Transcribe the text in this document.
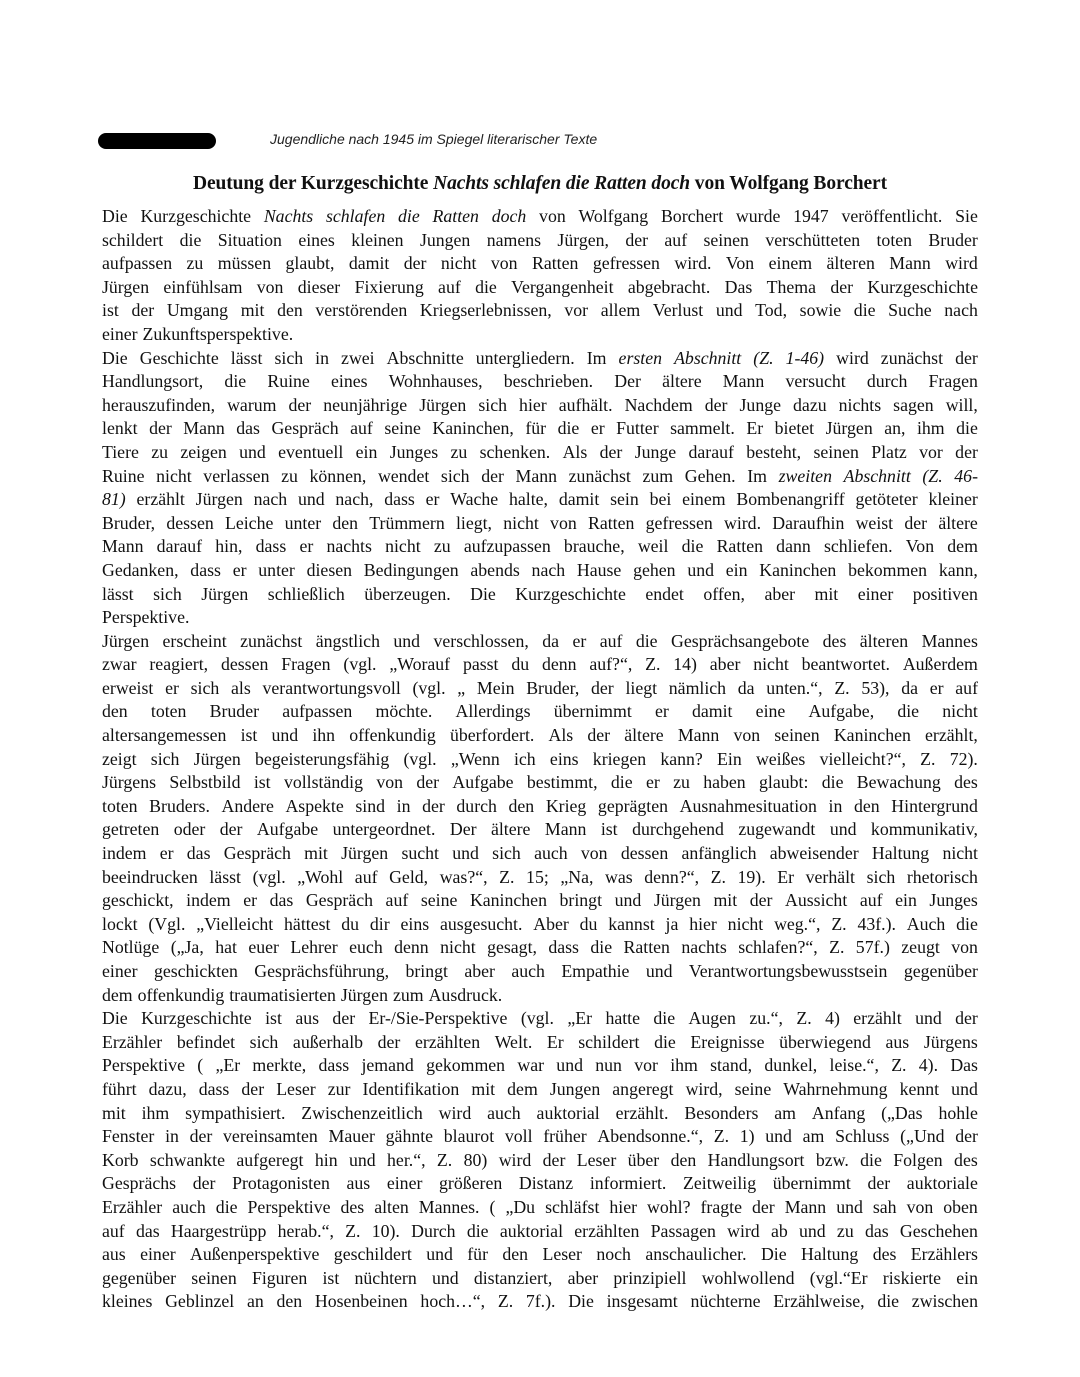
Jugendliche nach 1945 im Spiegel literarischer Texte
Deutung der Kurzgeschichte Nachts schlafen die Ratten doch von Wolfgang Borchert
Die Kurzgeschichte Nachts schlafen die Ratten doch von Wolfgang Borchert wurde 1947 veröffentlicht. Sie
schildert die Situation eines kleinen Jungen namens Jürgen, der auf seinen verschütteten toten Bruder
aufpassen zu müssen glaubt, damit der nicht von Ratten gefressen wird. Von einem älteren Mann wird
Jürgen einfühlsam von dieser Fixierung auf die Vergangenheit abgebracht. Das Thema der Kurzgeschichte
ist der Umgang mit den verstörenden Kriegserlebnissen, vor allem Verlust und Tod, sowie die Suche nach
einer Zukunftsperspektive.
Die Geschichte lässt sich in zwei Abschnitte untergliedern. Im ersten Abschnitt (Z. 1-46) wird zunächst der
Handlungsort, die Ruine eines Wohnhauses, beschrieben. Der ältere Mann versucht durch Fragen
herauszufinden, warum der neunjährige Jürgen sich hier aufhält. Nachdem der Junge dazu nichts sagen will,
lenkt der Mann das Gespräch auf seine Kaninchen, für die er Futter sammelt. Er bietet Jürgen an, ihm die
Tiere zu zeigen und eventuell ein Junges zu schenken. Als der Junge darauf besteht, seinen Platz vor der
Ruine nicht verlassen zu können, wendet sich der Mann zunächst zum Gehen. Im zweiten Abschnitt (Z. 46-
81) erzählt Jürgen nach und nach, dass er Wache halte, damit sein bei einem Bombenangriff getöteter kleiner
Bruder, dessen Leiche unter den Trümmern liegt, nicht von Ratten gefressen wird. Daraufhin weist der ältere
Mann darauf hin, dass er nachts nicht zu aufzupassen brauche, weil die Ratten dann schliefen. Von dem
Gedanken, dass er unter diesen Bedingungen abends nach Hause gehen und ein Kaninchen bekommen kann,
lässt sich Jürgen schließlich überzeugen. Die Kurzgeschichte endet offen, aber mit einer positiven
Perspektive.
Jürgen erscheint zunächst ängstlich und verschlossen, da er auf die Gesprächsangebote des älteren Mannes
zwar reagiert, dessen Fragen (vgl. „Worauf passt du denn auf?“, Z. 14) aber nicht beantwortet. Außerdem
erweist er sich als verantwortungsvoll (vgl. „ Mein Bruder, der liegt nämlich da unten.“, Z. 53), da er auf
den toten Bruder aufpassen möchte. Allerdings übernimmt er damit eine Aufgabe, die nicht
altersangemessen ist und ihn offenkundig überfordert. Als der ältere Mann von seinen Kaninchen erzählt,
zeigt sich Jürgen begeisterungsfähig (vgl. „Wenn ich eins kriegen kann? Ein weißes vielleicht?“, Z. 72).
Jürgens Selbstbild ist vollständig von der Aufgabe bestimmt, die er zu haben glaubt: die Bewachung des
toten Bruders. Andere Aspekte sind in der durch den Krieg geprägten Ausnahmesituation in den Hintergrund
getreten oder der Aufgabe untergeordnet. Der ältere Mann ist durchgehend zugewandt und kommunikativ,
indem er das Gespräch mit Jürgen sucht und sich auch von dessen anfänglich abweisender Haltung nicht
beeindrucken lässt (vgl. „Wohl auf Geld, was?“, Z. 15; „Na, was denn?“, Z. 19). Er verhält sich rhetorisch
geschickt, indem er das Gespräch auf seine Kaninchen bringt und Jürgen mit der Aussicht auf ein Junges
lockt (Vgl. „Vielleicht hättest du dir eins ausgesucht. Aber du kannst ja hier nicht weg.“, Z. 43f.). Auch die
Notlüge („Ja, hat euer Lehrer euch denn nicht gesagt, dass die Ratten nachts schlafen?“, Z. 57f.) zeugt von
einer geschickten Gesprächsführung, bringt aber auch Empathie und Verantwortungsbewusstsein gegenüber
dem offenkundig traumatisierten Jürgen zum Ausdruck.
Die Kurzgeschichte ist aus der Er-/Sie-Perspektive (vgl. „Er hatte die Augen zu.“, Z. 4) erzählt und der
Erzähler befindet sich außerhalb der erzählten Welt. Er schildert die Ereignisse überwiegend aus Jürgens
Perspektive ( „Er merkte, dass jemand gekommen war und nun vor ihm stand, dunkel, leise.“, Z. 4). Das
führt dazu, dass der Leser zur Identifikation mit dem Jungen angeregt wird, seine Wahrnehmung kennt und
mit ihm sympathisiert. Zwischenzeitlich wird auch auktorial erzählt. Besonders am Anfang („Das hohle
Fenster in der vereinsamten Mauer gähnte blaurot voll früher Abendsonne.“, Z. 1) und am Schluss („Und der
Korb schwankte aufgeregt hin und her.“, Z. 80) wird der Leser über den Handlungsort bzw. die Folgen des
Gesprächs der Protagonisten aus einer größeren Distanz informiert. Zeitweilig übernimmt der auktoriale
Erzähler auch die Perspektive des alten Mannes. ( „Du schläfst hier wohl? fragte der Mann und sah von oben
auf das Haargestrüpp herab.“, Z. 10). Durch die auktorial erzählten Passagen wird ab und zu das Geschehen
aus einer Außenperspektive geschildert und für den Leser noch anschaulicher. Die Haltung des Erzählers
gegenüber seinen Figuren ist nüchtern und distanziert, aber prinzipiell wohlwollend (vgl.“Er riskierte ein
kleines Geblinzel an den Hosenbeinen hoch…“, Z. 7f.). Die insgesamt nüchterne Erzählweise, die zwischen
